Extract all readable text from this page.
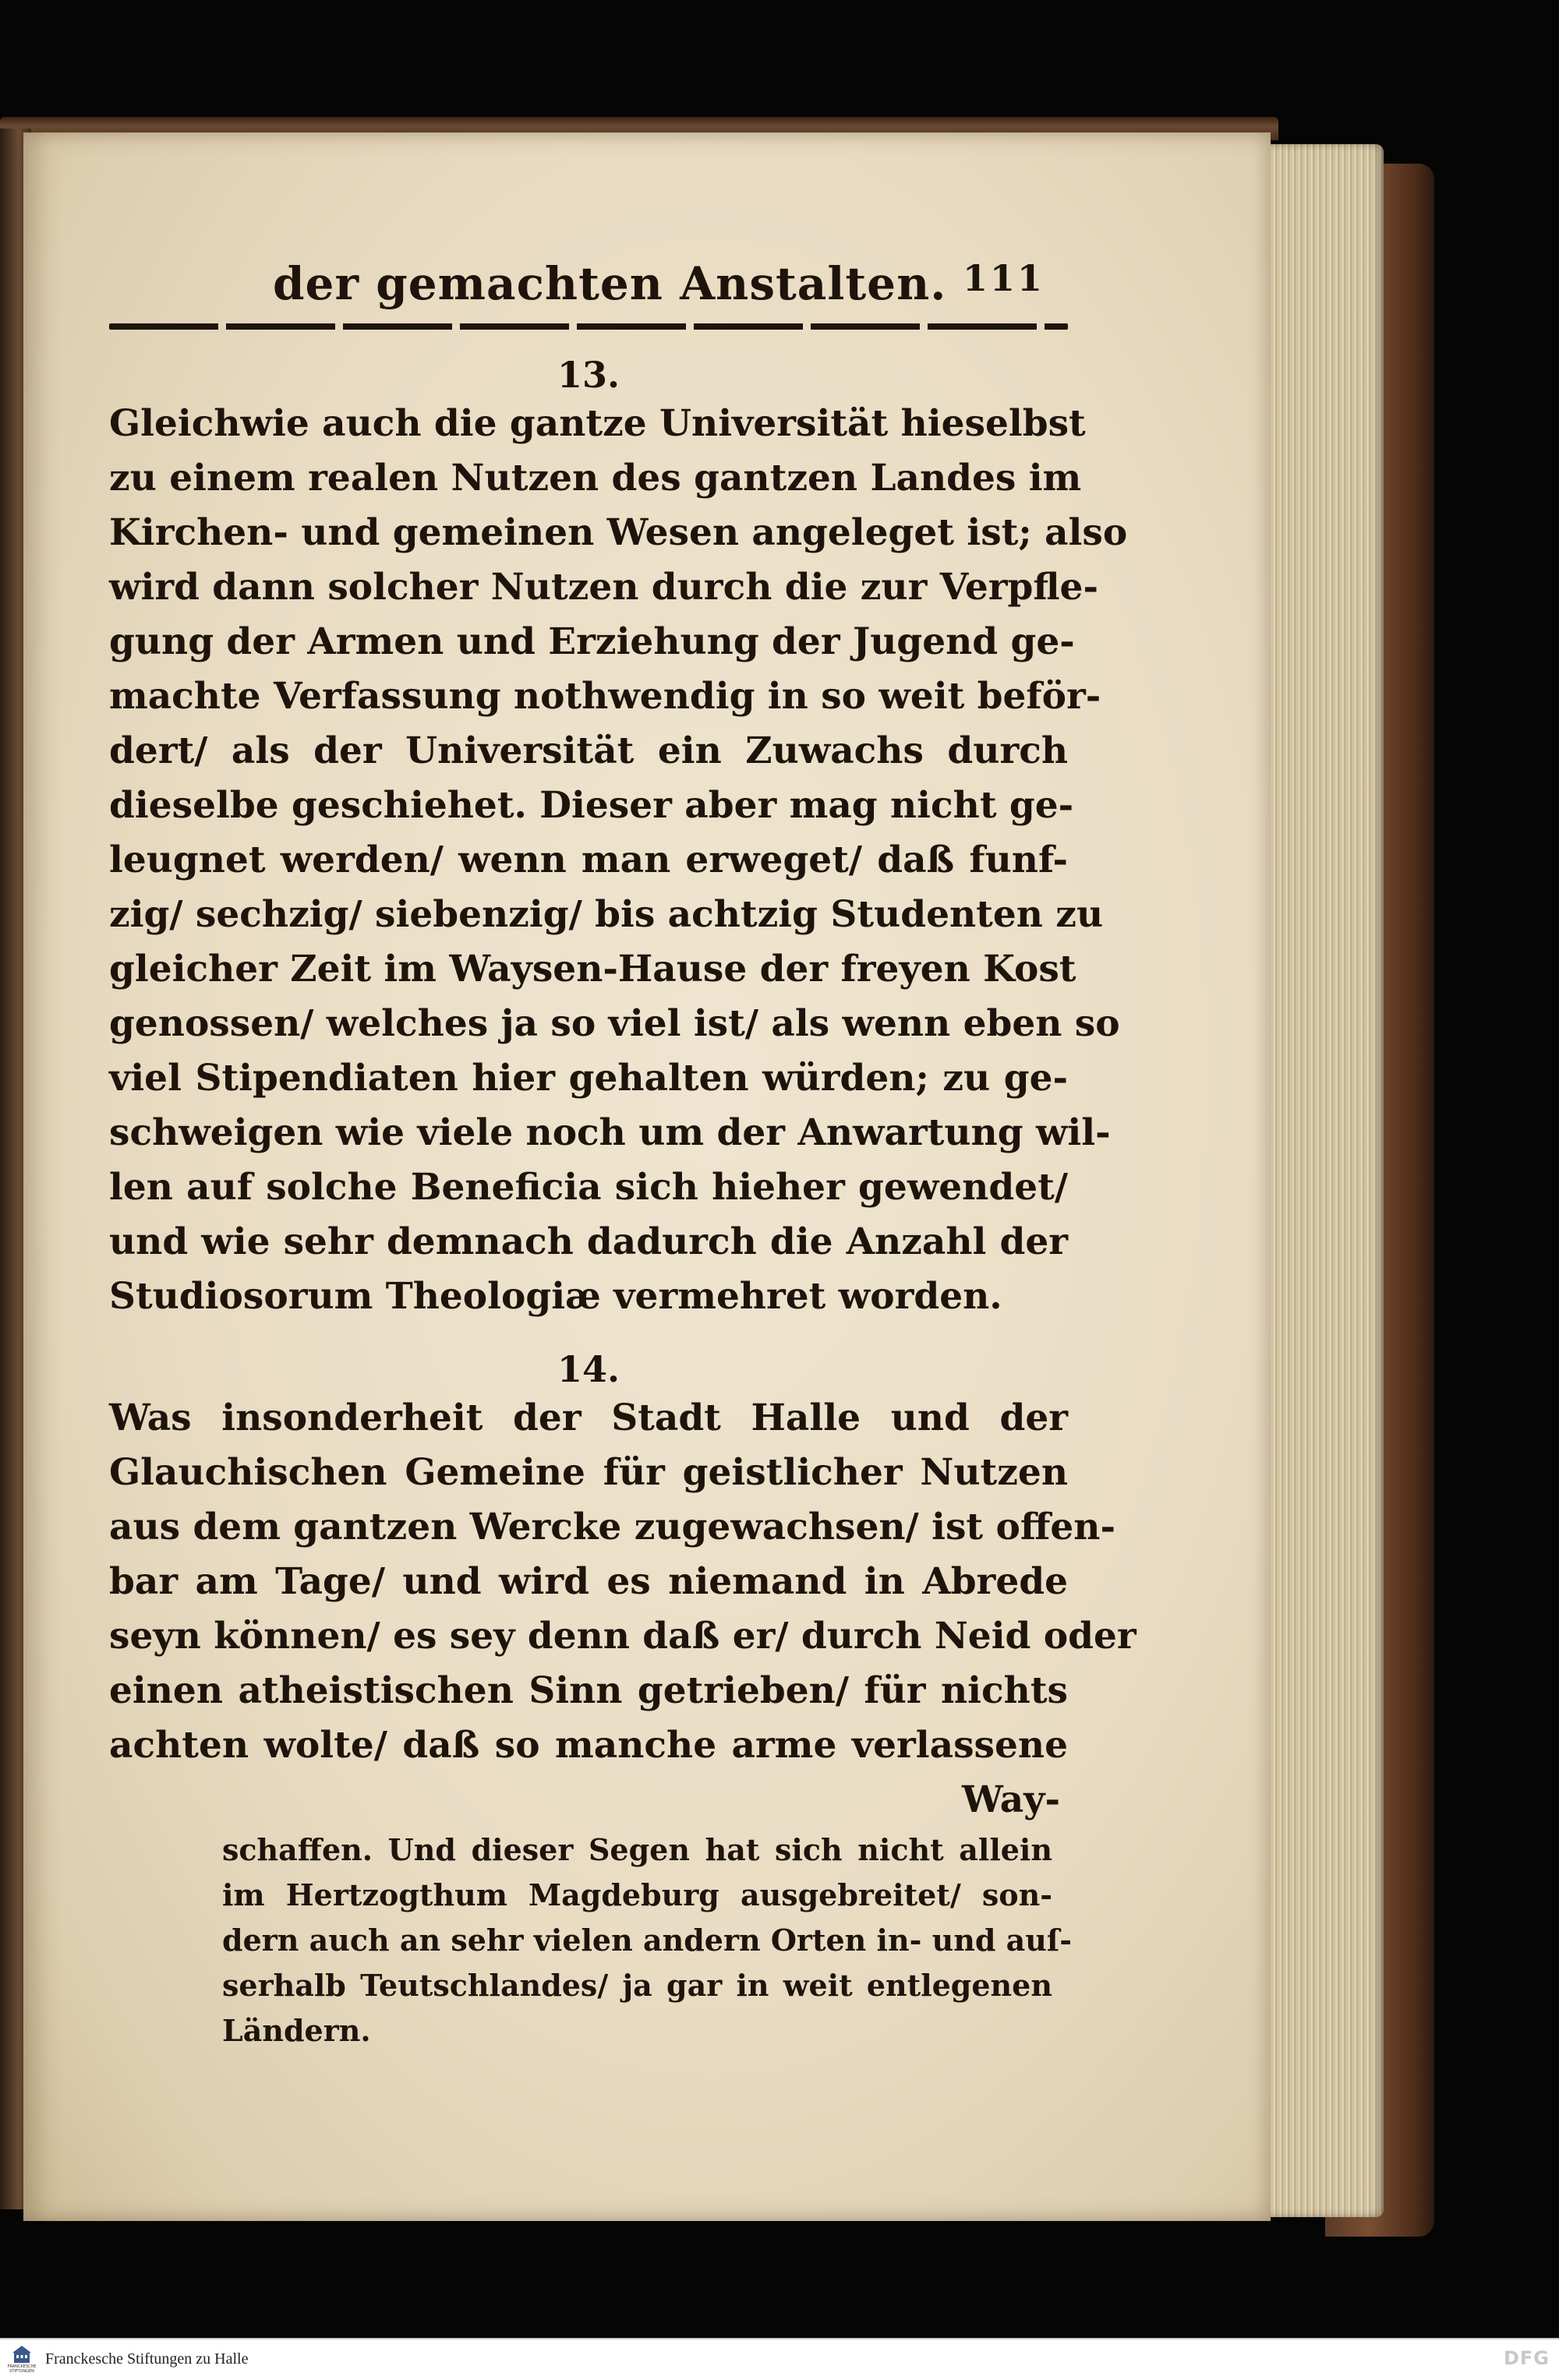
der gemachten Anstalten. 111
13.

Gleichwie auch die gantze Universität hieselbst
zu einem realen Nutzen des gantzen Landes im
Kirchen- und gemeinen Wesen angeleget ist; also
wird dann solcher Nutzen durch die zur Verpfle-
gung der Armen und Erziehung der Jugend ge-
machte Verfassung nothwendig in so weit beför-
dert/ als der Universität ein Zuwachs durch
dieselbe geschiehet. Dieser aber mag nicht ge-
leugnet werden/ wenn man erweget/ daß funf-
zig/ sechzig/ siebenzig/ bis achtzig Studenten zu
gleicher Zeit im Waysen-Hause der freyen Kost
genossen/ welches ja so viel ist/ als wenn eben so
viel Stipendiaten hier gehalten würden; zu ge-
schweigen wie viele noch um der Anwartung wil-
len auf solche Beneficia sich hieher gewendet/
und wie sehr demnach dadurch die Anzahl der
Studiosorum Theologiæ vermehret worden.

14.

Was insonderheit der Stadt Halle und der
Glauchischen Gemeine für geistlicher Nutzen
aus dem gantzen Wercke zugewachsen/ ist offen-
bar am Tage/ und wird es niemand in Abrede
seyn können/ es sey denn daß er/ durch Neid oder
einen atheistischen Sinn getrieben/ für nichts
achten wolte/ daß so manche arme verlassene

Way-
schaffen. Und dieser Segen hat sich nicht allein
im Hertzogthum Magdeburg ausgebreitet/ son-
dern auch an sehr vielen andern Orten in- und auſ-
serhalb Teutschlandes/ ja gar in weit entlegenen
Ländern.
FRANCKESCHE STIFTUNGEN
Franckesche Stiftungen zu Halle	DFG
